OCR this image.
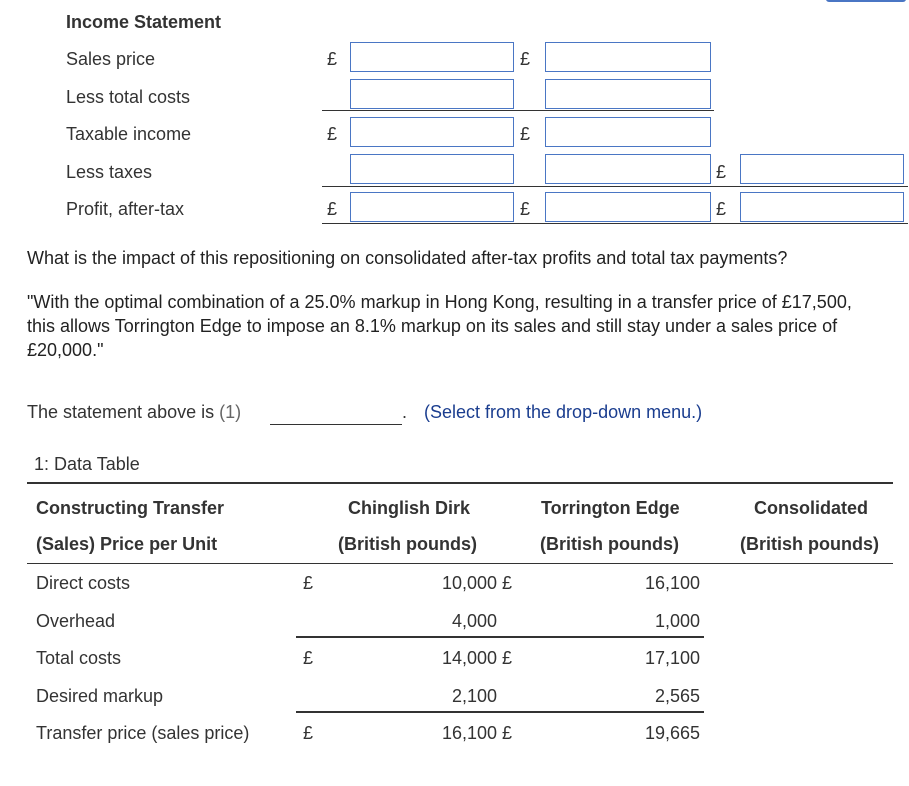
Income Statement
Sales price
Less total costs
Taxable income
Less taxes
Profit, after-tax
£
£
£
£
£
£
£
£
What is the impact of this repositioning on consolidated after-tax profits and total tax payments?
"With the optimal combination of a 25.0% markup in Hong Kong, resulting in a transfer price of £17,500, this allows Torrington Edge to impose an 8.1% markup on its sales and still stay under a sales price of £20,000."
The statement above is (1)	. (Select from the drop-down menu.)
1: Data Table
Constructing Transfer
(Sales) Price per Unit
Chinglish Dirk
(British pounds)
Torrington Edge
(British pounds)
Consolidated
(British pounds)
Direct costs
Overhead
Total costs
Desired markup
Transfer price (sales price)
£
£
£
£
£
£
10,000
4,000
14,000
2,100
16,100
16,100
1,000
17,100
2,565
19,665
